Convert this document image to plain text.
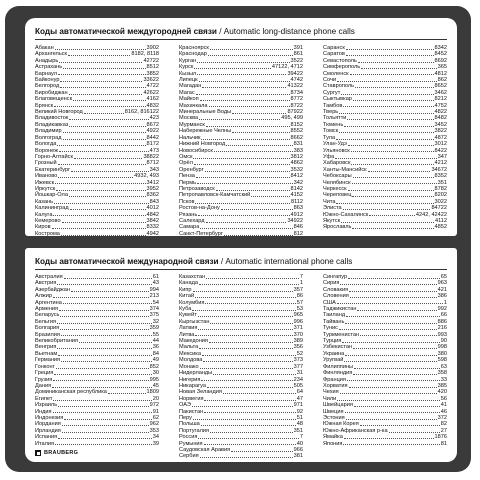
Коды автоматической междугородней связи / Automatic long-distance phone calls
Абакан	3902
Архангельск	8182, 8118
Анадырь	42722
Астрахань	8512
Барнаул	3852
Байконур	33622
Белгород	4722
Биробиджан	42622
Благовещенск	4162
Брянск	4832
Великий Новгород	8162, 816122
Владивосток	423
Владикавказ	8672
Владимир	4922
Волгоград	8442
Вологда	8172
Воронеж	473
Горно-Алтайск	38822
Грозный	8712
Екатеринбург	343
Иваново	4932, 493
Ижевск	3412
Иркутск	3952
Йошкар-Ола	8362
Казань	843
Калининград	4012
Калуга	4842
Кемерово	3842
Киров	8332
Кострома	4942
Красноярск	391
Краснодар	861
Курган	3522
Курск	47122, 4712
Кызыл	39422
Липецк	4742
Магадан	41322
Магас	8734
Майкоп	8772
Махачкала	8722
Минеральные Воды	87922
Москва	495, 499
Мурманск	8152
Набережные Челны	8552
Нальчик	8662
Нижний Новгород	831
Новосибирск	383
Омск	3812
Орёл	4862
Оренбург	3532
Пенза	8412
Пермь	342
Петрозаводск	8142
Петропавловск-Камчатский	4152
Псков	8112
Ростов-на-Дону	863
Рязань	4912
Салехард	34922
Самара	846
Санкт-Петербург	812
Саранск	8342
Саратов	8452
Севастополь	8692
Симферополь	365
Смоленск	4812
Сочи	862
Ставрополь	8652
Сургут	3462
Сыктывкар	8212
Тамбов	4752
Тверь	4822
Тольятти	8482
Тюмень	3452
Томск	3822
Тула	4872
Улан-Удэ	3012
Ульяновск	8422
Уфа	347
Хабаровск	4212
Ханты-Мансийск	34672
Чебоксары	8352
Челябинск	351
Черкесск	8782
Череповец	8202
Чита	3022
Элиста	84722
Южно-Сахалинск	4242, 42422
Якутск	4112
Ярославль	4852
Коды автоматической международной связи / Automatic international phone calls
Австралия	61
Австрия	43
Азербайджан	994
Алжир	213
Аргентина	54
Армения	374
Беларусь	375
Бельгия	32
Болгария	359
Бразилия	55
Великобритания	44
Венгрия	36
Вьетнам	84
Германия	49
Гонконг	852
Греция	30
Грузия	995
Дания	45
Доминиканская республика	1809
Египет	20
Израиль	972
Индия	91
Индонезия	62
Иордания	962
Ирландия	353
Испания	34
Италия	39
Казахстан	7
Канада	1
Кипр	357
Китай	86
Колумбия	57
Куба	53
Кувейт	965
Кыргызстан	996
Латвия	371
Литва	370
Македония	389
Мальта	356
Мексика	52
Молдова	373
Монако	377
Нидерланды	31
Нигерия	234
Никарагуа	505
Новая Зеландия	64
Норвегия	47
ОАЭ	971
Пакистан	92
Перу	51
Польша	48
Португалия	351
Россия	7
Румыния	40
Саудовская Аравия	966
Сербия	381
Сингапур	65
Сирия	963
Словакия	421
Словения	386
США	1
Таджикистан	992
Таиланд	66
Тайвань	886
Тунис	216
Туркменистан	993
Турция	90
Узбекистан	998
Украина	380
Уругвай	598
Филиппины	63
Финляндия	358
Франция	33
Хорватия	385
Чехия	420
Чили	56
Швейцария	41
Швеция	46
Эстония	372
Южная Корея	82
Южно-Африканская р-ка	27
Ямайка	1876
Япония	81
BRAUBERG
